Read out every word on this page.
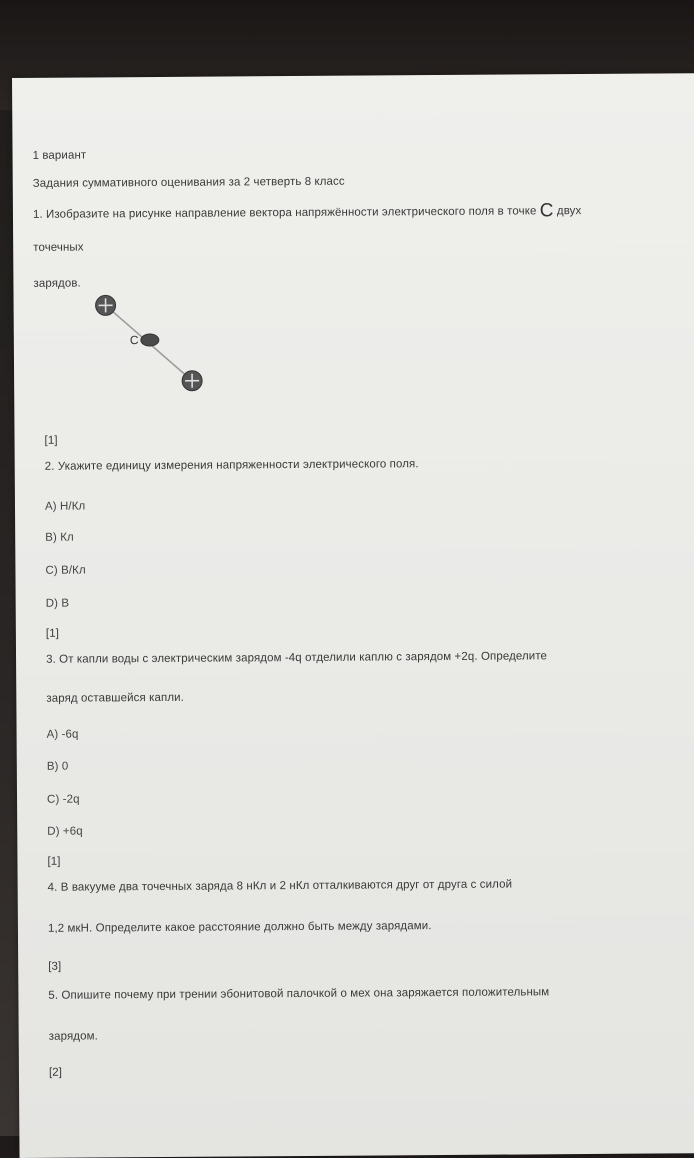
1 вариант
Задания суммативного оценивания за 2 четверть 8 класс
1. Изобразите на рисунке направление вектора напряжённости электрического поля в точке С двух
точечных
зарядов.
С
[1]
2. Укажите единицу измерения напряженности электрического поля.
А) Н/Кл
В) Кл
С) В/Кл
D) В
[1]
3. От капли воды с электрическим зарядом -4q отделили каплю с зарядом +2q. Определите
заряд оставшейся капли.
А) -6q
В) 0
С) -2q
D) +6q
[1]
4. В вакууме два точечных заряда 8 нКл и 2 нКл отталкиваются друг от друга с силой
1,2 мкН. Определите какое расстояние должно быть между зарядами.
[3]
5. Опишите почему при трении эбонитовой палочкой о мех она заряжается положительным
зарядом.
[2]
